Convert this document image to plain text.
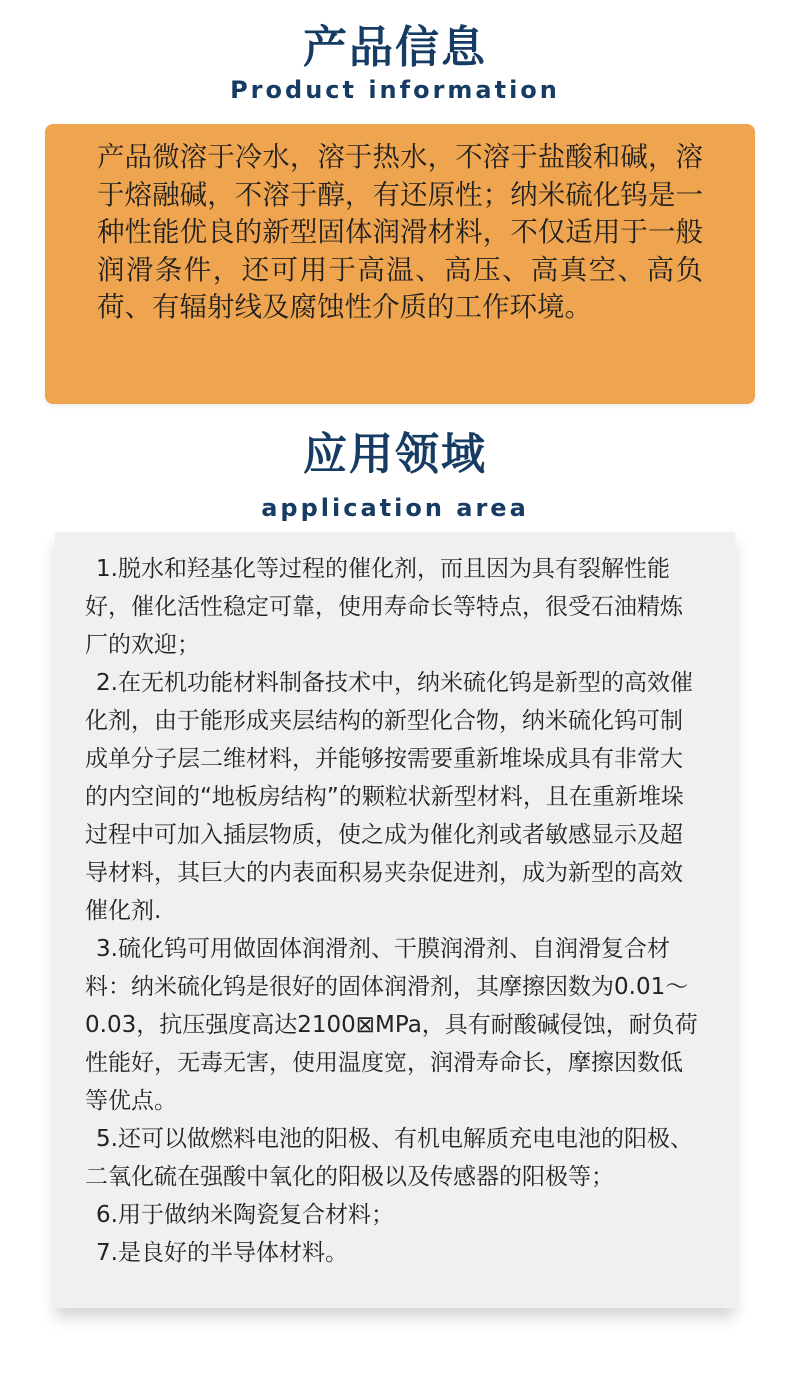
产品信息
Product information

产品微溶于冷水，溶于热水，不溶于盐酸和碱，溶于熔融碱，不溶于醇，有还原性；纳米硫化钨是一种性能优良的新型固体润滑材料，不仅适用于一般润滑条件，还可用于高温、高压、高真空、高负荷、有辐射线及腐蚀性介质的工作环境。

应用领域
application area
1.脱水和羟基化等过程的催化剂，而且因为具有裂解性能好，催化活性稳定可靠，使用寿命长等特点，很受石油精炼厂的欢迎；
2.在无机功能材料制备技术中，纳米硫化钨是新型的高效催化剂，由于能形成夹层结构的新型化合物，纳米硫化钨可制成单分子层二维材料，并能够按需要重新堆垛成具有非常大的内空间的“地板房结构”的颗粒状新型材料，且在重新堆垛过程中可加入插层物质，使之成为催化剂或者敏感显示及超导材料，其巨大的内表面积易夹杂促进剂，成为新型的高效催化剂.
3.硫化钨可用做固体润滑剂、干膜润滑剂、自润滑复合材料：纳米硫化钨是很好的固体润滑剂，其摩擦因数为0.01～0.03，抗压强度高达2100⊠MPa，具有耐酸碱侵蚀，耐负荷性能好，无毒无害，使用温度宽，润滑寿命长，摩擦因数低等优点。
5.还可以做燃料电池的阳极、有机电解质充电电池的阳极、二氧化硫在强酸中氧化的阳极以及传感器的阳极等；
6.用于做纳米陶瓷复合材料；
7.是良好的半导体材料。
